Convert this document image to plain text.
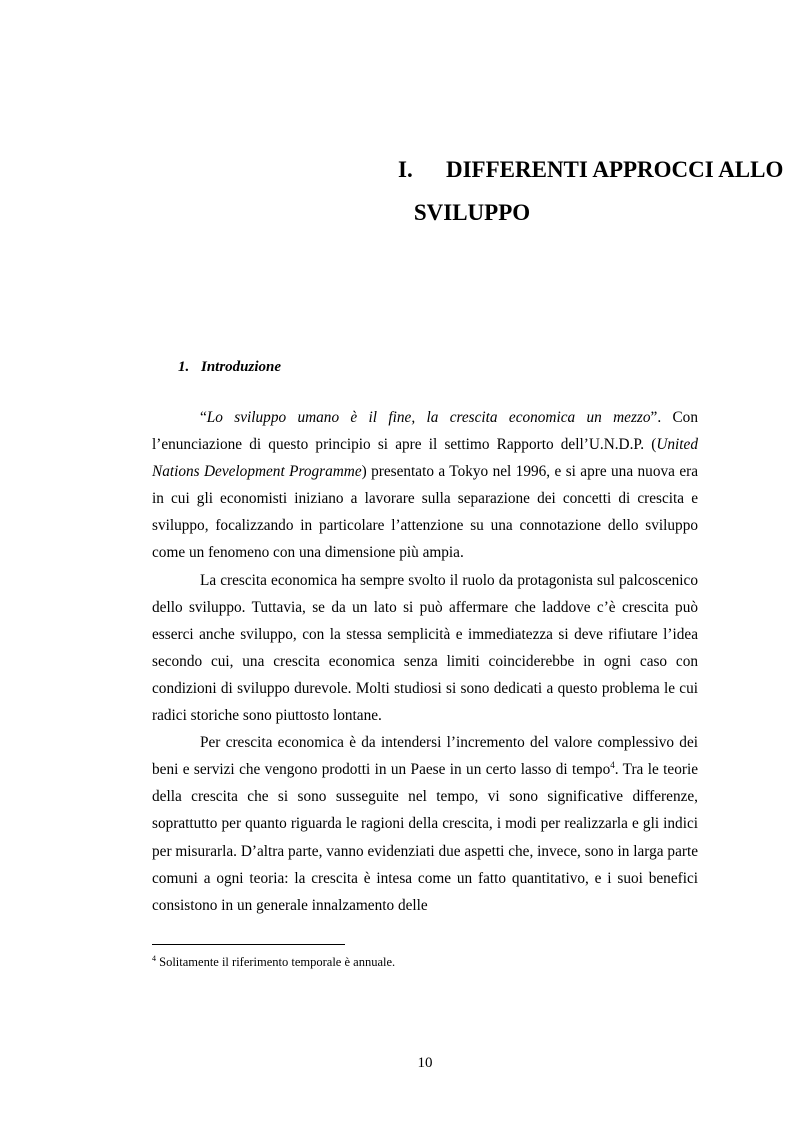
I. DIFFERENTI APPROCCI ALLO
SVILUPPO
1. Introduzione

“Lo sviluppo umano è il fine, la crescita economica un mezzo”. Con l’enunciazione di questo principio si apre il settimo Rapporto dell’U.N.D.P. (United Nations Development Programme) presentato a Tokyo nel 1996, e si apre una nuova era in cui gli economisti iniziano a lavorare sulla separazione dei concetti di crescita e sviluppo, focalizzando in particolare l’attenzione su una connotazione dello sviluppo come un fenomeno con una dimensione più ampia.

La crescita economica ha sempre svolto il ruolo da protagonista sul palcoscenico dello sviluppo. Tuttavia, se da un lato si può affermare che laddove c’è crescita può esserci anche sviluppo, con la stessa semplicità e immediatezza si deve rifiutare l’idea secondo cui, una crescita economica senza limiti coinciderebbe in ogni caso con condizioni di sviluppo durevole. Molti studiosi si sono dedicati a questo problema le cui radici storiche sono piuttosto lontane.

Per crescita economica è da intendersi l’incremento del valore complessivo dei beni e servizi che vengono prodotti in un Paese in un certo lasso di tempo$^4$. Tra le teorie della crescita che si sono susseguite nel tempo, vi sono significative differenze, soprattutto per quanto riguarda le ragioni della crescita, i modi per realizzarla e gli indici per misurarla. D’altra parte, vanno evidenziati due aspetti che, invece, sono in larga parte comuni a ogni teoria: la crescita è intesa come un fatto quantitativo, e i suoi benefici consistono in un generale innalzamento delle

$^4$ Solitamente il riferimento temporale è annuale.
10
